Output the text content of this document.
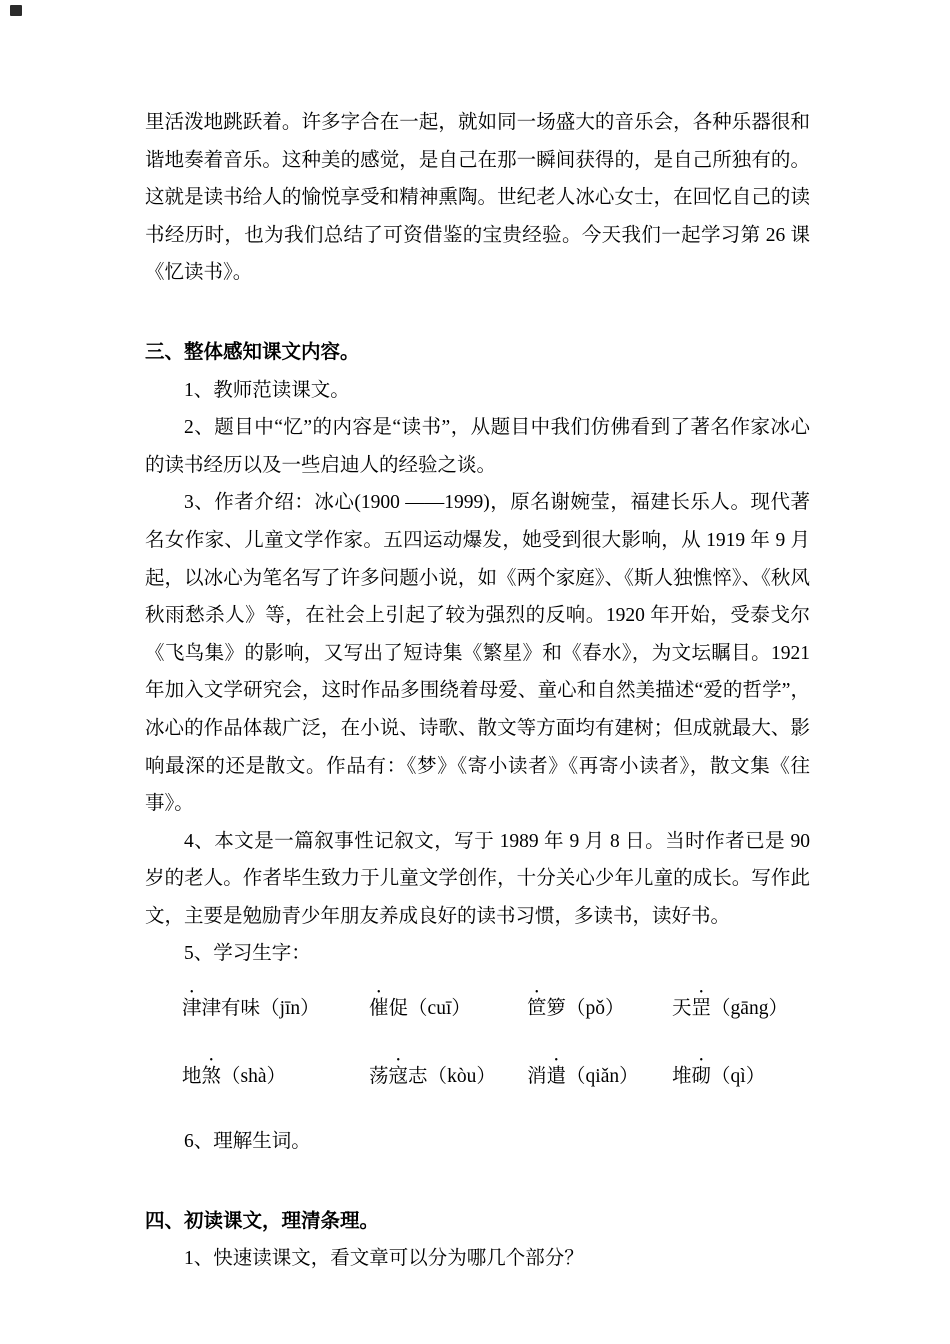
里活泼地跳跃着。许多字合在一起，就如同一场盛大的音乐会，各种乐器很和谐地奏着音乐。这种美的感觉，是自己在那一瞬间获得的，是自己所独有的。这就是读书给人的愉悦享受和精神熏陶。世纪老人冰心女士，在回忆自己的读书经历时，也为我们总结了可资借鉴的宝贵经验。今天我们一起学习第 26 课《忆读书》。

三、整体感知课文内容。

1、教师范读课文。

2、题目中“忆”的内容是“读书”，从题目中我们仿佛看到了著名作家冰心的读书经历以及一些启迪人的经验之谈。

3、作者介绍：冰心(1900 ——1999)，原名谢婉莹，福建长乐人。现代著名女作家、儿童文学作家。五四运动爆发，她受到很大影响，从 1919 年 9 月起，以冰心为笔名写了许多问题小说，如《两个家庭》、《斯人独憔悴》、《秋风秋雨愁杀人》等，在社会上引起了较为强烈的反响。1920 年开始，受泰戈尔《飞鸟集》的影响，又写出了短诗集《繁星》和《春水》，为文坛瞩目。1921 年加入文学研究会，这时作品多围绕着母爱、童心和自然美描述“爱的哲学”，冰心的作品体裁广泛，在小说、诗歌、散文等方面均有建树；但成就最大、影响最深的还是散文。作品有：《梦》《寄小读者》《再寄小读者》，散文集《往事》。

4、本文是一篇叙事性记叙文，写于 1989 年 9 月 8 日。当时作者已是 90 岁的老人。作者毕生致力于儿童文学创作，十分关心少年儿童的成长。写作此文，主要是勉励青少年朋友养成良好的读书习惯，多读书，读好书。

5、学习生字：

津•津有味（jīn）	催•促（cuī）	笸•箩（pǒ）	天罡•（gāng）
地煞•（shà）	荡寇•志（kòu）	消遣•（qiǎn）	堆砌•（qì）

6、理解生词。

四、初读课文，理清条理。

1、快速读课文，看文章可以分为哪几个部分？
